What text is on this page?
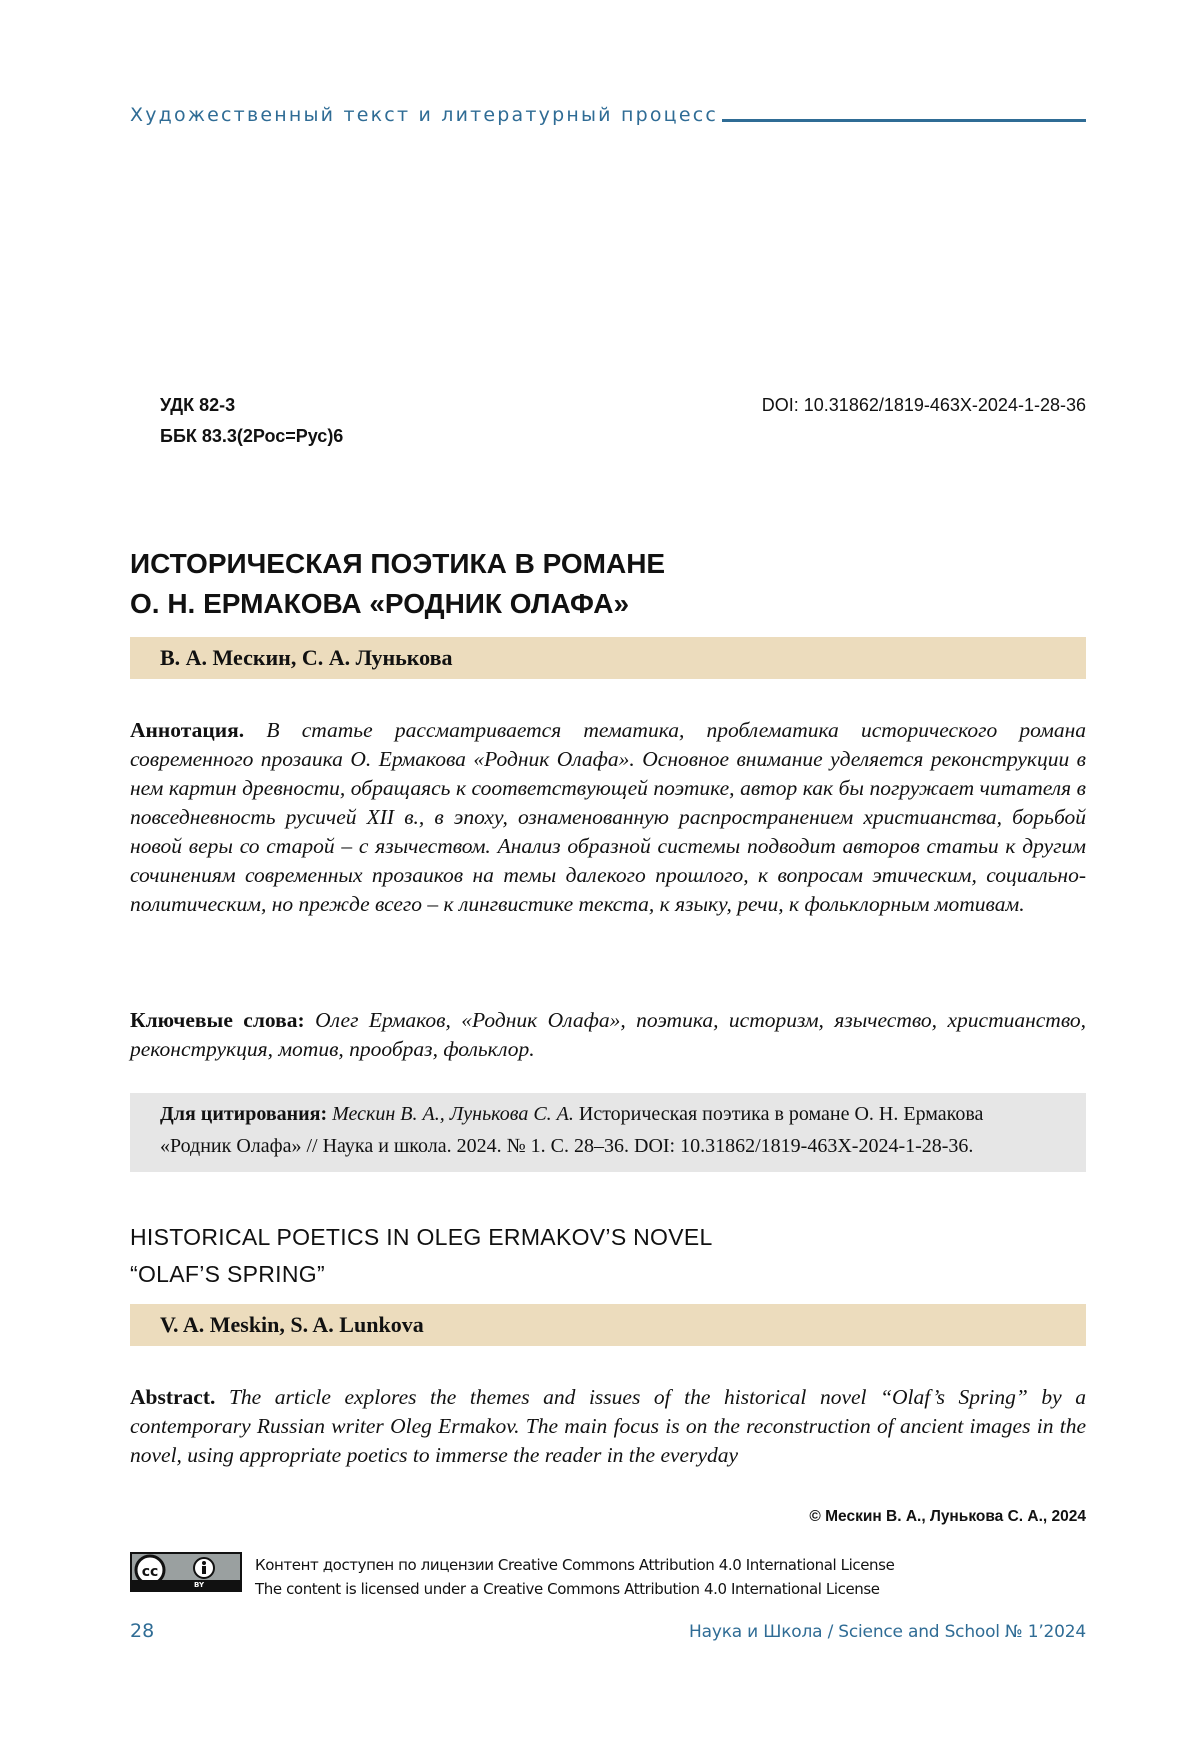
Художественный текст и литературный процесс
УДК 82-3
ББК 83.3(2Рос=Рус)6
DOI: 10.31862/1819-463X-2024-1-28-36
ИСТОРИЧЕСКАЯ ПОЭТИКА В РОМАНЕ
О. Н. ЕРМАКОВА «РОДНИК ОЛАФА»
В. А. Мескин, С. А. Лунькова
Аннотация. В статье рассматривается тематика, проблематика исторического романа современного прозаика О. Ермакова «Родник Олафа». Основное внимание уделяется реконструкции в нем картин древности, обращаясь к соответствующей поэтике, автор как бы погружает читателя в повседневность русичей XII в., в эпоху, ознаменованную распространением христианства, борьбой новой веры со старой – с язычеством. Анализ образной системы подводит авторов статьи к другим сочинениям современных прозаиков на темы далекого прошлого, к вопросам этическим, социально-политическим, но прежде всего – к лингвистике текста, к языку, речи, к фольклорным мотивам.
Ключевые слова: Олег Ермаков, «Родник Олафа», поэтика, историзм, язычество, христианство, реконструкция, мотив, прообраз, фольклор.
Для цитирования: Мескин В. А., Лунькова С. А. Историческая поэтика в романе О. Н. Ермакова «Родник Олафа» // Наука и школа. 2024. № 1. С. 28–36. DOI: 10.31862/1819-463X-2024-1-28-36.
HISTORICAL POETICS IN OLEG ERMAKOV’S NOVEL
“OLAF’S SPRING”
V. A. Meskin, S. A. Lunkova
Abstract. The article explores the themes and issues of the historical novel “Olaf’s Spring” by a contemporary Russian writer Oleg Ermakov. The main focus is on the reconstruction of ancient images in the novel, using appropriate poetics to immerse the reader in the everyday
© Мескин В. А., Лунькова С. А., 2024
cc
BY
Контент доступен по лицензии Creative Commons Attribution 4.0 International License
The content is licensed under a Creative Commons Attribution 4.0 International License
28	Наука и Школа / Science and School № 1’2024
